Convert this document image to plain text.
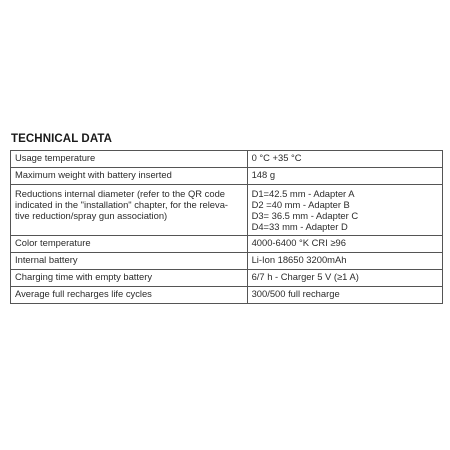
TECHNICAL DATA
Usage temperature	0 °C +35 °C

Maximum weight with battery inserted	148 g

Reductions internal diameter (refer to the QR code
indicated in the "installation" chapter, for the releva-
tive reduction/spray gun association)	D1=42.5 mm - Adapter A
D2 =40 mm - Adapter B
D3= 36.5 mm - Adapter C
D4=33 mm - Adapter D

Color temperature	4000-6400 °K CRI ≥96

Internal battery	Li-Ion 18650 3200mAh

Charging time with empty battery	6/7 h - Charger 5 V (≥1 A)

Average full recharges life cycles	300/500 full recharge
